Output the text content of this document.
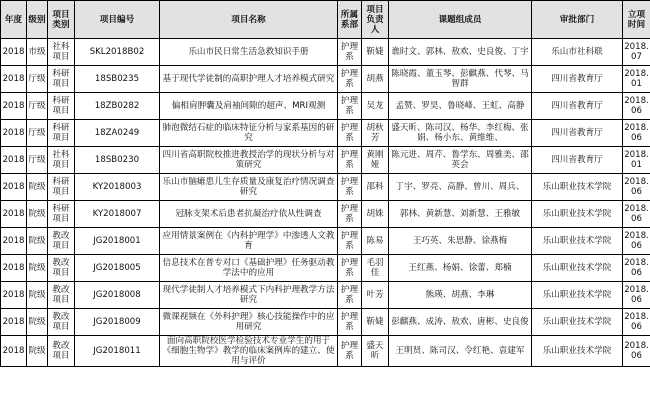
年度	级别	项目类别	项目编号	项目名称	所属系部	项目负责人	课题组成员	审批部门	立项时间
2018	市级	社科项目	SKL2018B02	乐山市民日常生活急救知识手册	护理系	靳婕	谯时文、郭林、敖欢、史良俊、丁宇	乐山市社科联	2018.07
2018	厅级	科研项目	18SB0235	基于现代学徒制的高职护理人才培养模式研究	护理系	胡燕	陈晓霞、董玉琴、彭麒燕、代琴、马智群	四川省教育厅	2018.01
2018	厅级	科研项目	18ZB0282	偏相肩胛囊及肩袖间隙的超声、MRI观测	护理系	吴龙	孟赞、罗昊、鲁晓峰、王虹、高静	四川省教育厅	2018.06
2018	厅级	科研项目	18ZA0249	肺泡微结石症的临床特征分析与家系基因的研究	护理系	胡秋芳	盛天昕、陈司汉、杨华、李红梅、张娟、杨小东、黄维维、	四川省教育厅	2018.06
2018	厅级	社科项目	18SB0230	四川省高职院校推进教授治学的现状分析与对策研究	护理系	黄刚娅	陈元进、周芹、鲁学东、周雅美、邵英会	四川省教育厅	2018.01
2018	院级	科研项目	KY2018003	乐山市脑瘫患儿生存质量及康复治疗情况调查研究	护理系	邵科	丁宇、罗亮、高静、曾川、周兵、	乐山职业技术学院	2018.06
2018	院级	科研项目	KY2018007	冠脉支架术后患者抗凝治疗依从性调查	护理系	胡姝	郭林、黄新慧、刘新慧、王雅敏	乐山职业技术学院	2018.06
2018	院级	教改项目	JG2018001	应用情景案例在《内科护理学》中渗透人文教育	护理系	陈易	王巧英、朱思静、徐燕梅	乐山职业技术学院	2018.06
2018	院级	教改项目	JG2018005	信息技术在普专对口《基础护理》任务驱动教学法中的应用	护理系	毛羽佳	王红燕、杨娟、徐蕾、郑楠	乐山职业技术学院	2018.06
2018	院级	教改项目	JG2018008	现代学徒制人才培养模式下内科护理教学方法研究	护理系	叶芳	熊瑛、胡燕、李琳	乐山职业技术学院	2018.06
2018	院级	教改项目	JG2018009	微课视频在《外科护理》核心技能操作中的应用研究	护理系	靳婕	彭麒燕、成涛、敖欢、唐彬、史良俊	乐山职业技术学院	2018.06
2018	院级	教改项目	JG2018011	面向高职院校医学检验技术专业学生的用于《细胞生物学》教学的临床案例库的建立、使用与评价	护理系	盛天昕	王明贤、陈司汉、令红艳、袁建军	乐山职业技术学院	2018.06
